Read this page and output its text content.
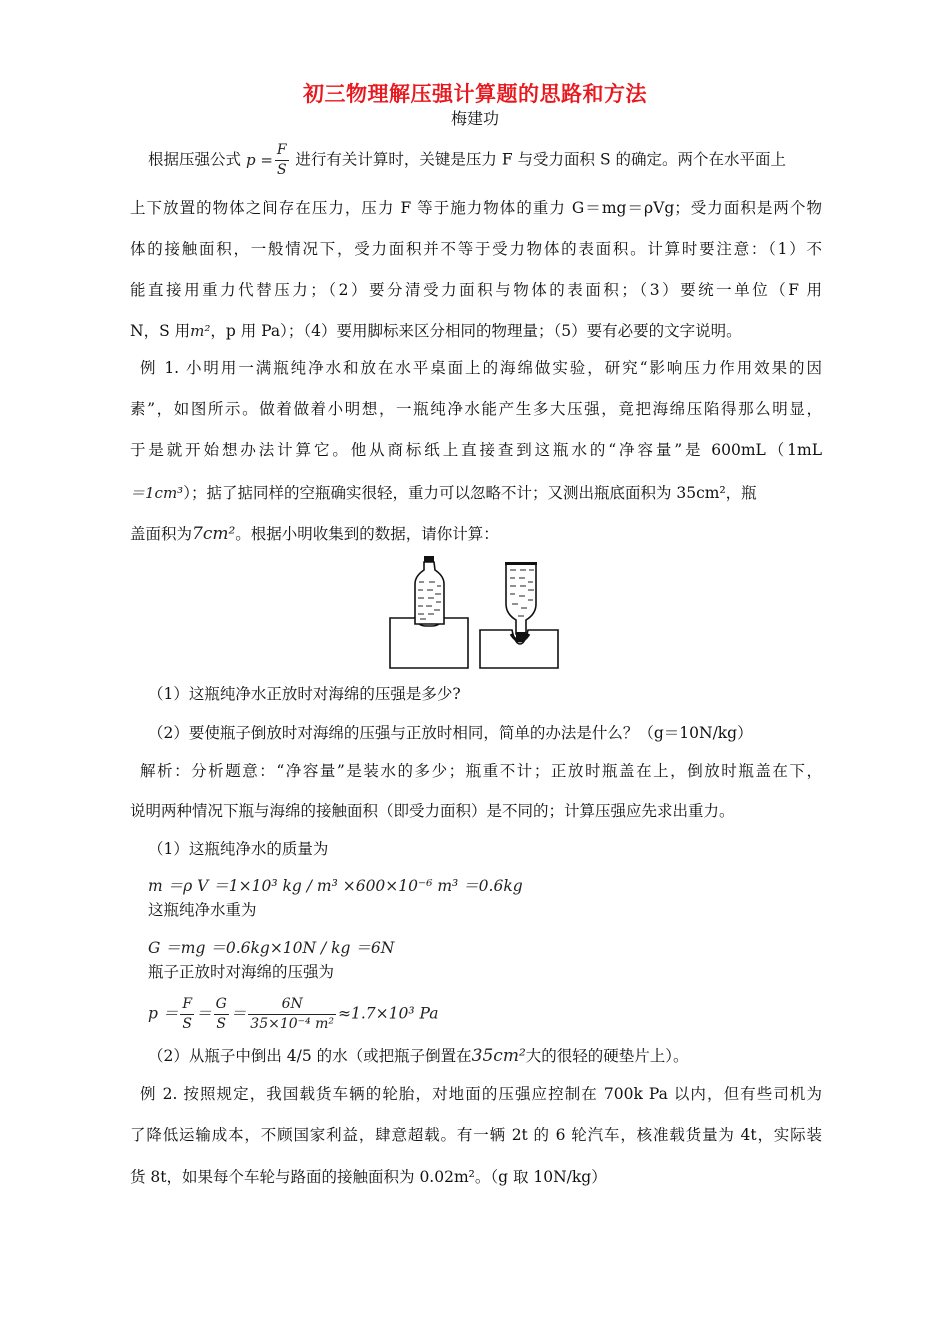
初三物理解压强计算题的思路和方法
梅建功
根据压强公式 $p = \frac{F}{S}$ 进行有关计算时，关键是压力 F 与受力面积 S 的确定。两个在水平面上
上下放置的物体之间存在压力，压力 F 等于施力物体的重力 G＝mg＝ρVg；受力面积是两个物
体的接触面积，一般情况下，受力面积并不等于受力物体的表面积。计算时要注意：（1）不
能直接用重力代替压力；（2）要分清受力面积与物体的表面积；（3）要统一单位（F 用
N，S 用m²，p 用 Pa）；（4）要用脚标来区分相同的物理量；（5）要有必要的文字说明。
例 1. 小明用一满瓶纯净水和放在水平桌面上的海绵做实验，研究“影响压力作用效果的因
素”，如图所示。做着做着小明想，一瓶纯净水能产生多大压强，竟把海绵压陷得那么明显，
于是就开始想办法计算它。他从商标纸上直接查到这瓶水的“净容量”是 600mL（1mL
＝1cm³）；掂了掂同样的空瓶确实很轻，重力可以忽略不计；又测出瓶底面积为 35cm²，瓶
盖面积为7cm²。根据小明收集到的数据，请你计算：
（1）这瓶纯净水正放时对海绵的压强是多少?
（2）要使瓶子倒放时对海绵的压强与正放时相同，简单的办法是什么？（g＝10N/kg）
解析：分析题意：“净容量”是装水的多少；瓶重不计；正放时瓶盖在上，倒放时瓶盖在下，
说明两种情况下瓶与海绵的接触面积（即受力面积）是不同的；计算压强应先求出重力。
（1）这瓶纯净水的质量为
m ＝ρ V ＝1×10³ kg / m³ ×600×10⁻⁶ m³ ＝0.6kg
这瓶纯净水重为
G ＝mg ＝0.6kg×10N / kg ＝6N
瓶子正放时对海绵的压强为
$p = \frac{F}{S} = \frac{G}{S} = \frac{6N}{\text{35×10⁻⁴ m²}} \approx 1.7\times 10^3$ Pa
（2）从瓶子中倒出 4/5 的水（或把瓶子倒置在35cm²大的很轻的硬垫片上）。
例 2. 按照规定，我国载货车辆的轮胎，对地面的压强应控制在 700k Pa 以内，但有些司机为
了降低运输成本，不顾国家利益，肆意超载。有一辆 2t 的 6 轮汽车，核准载货量为 4t，实际装
货 8t，如果每个车轮与路面的接触面积为 0.02m²。（g 取 10N/kg）
